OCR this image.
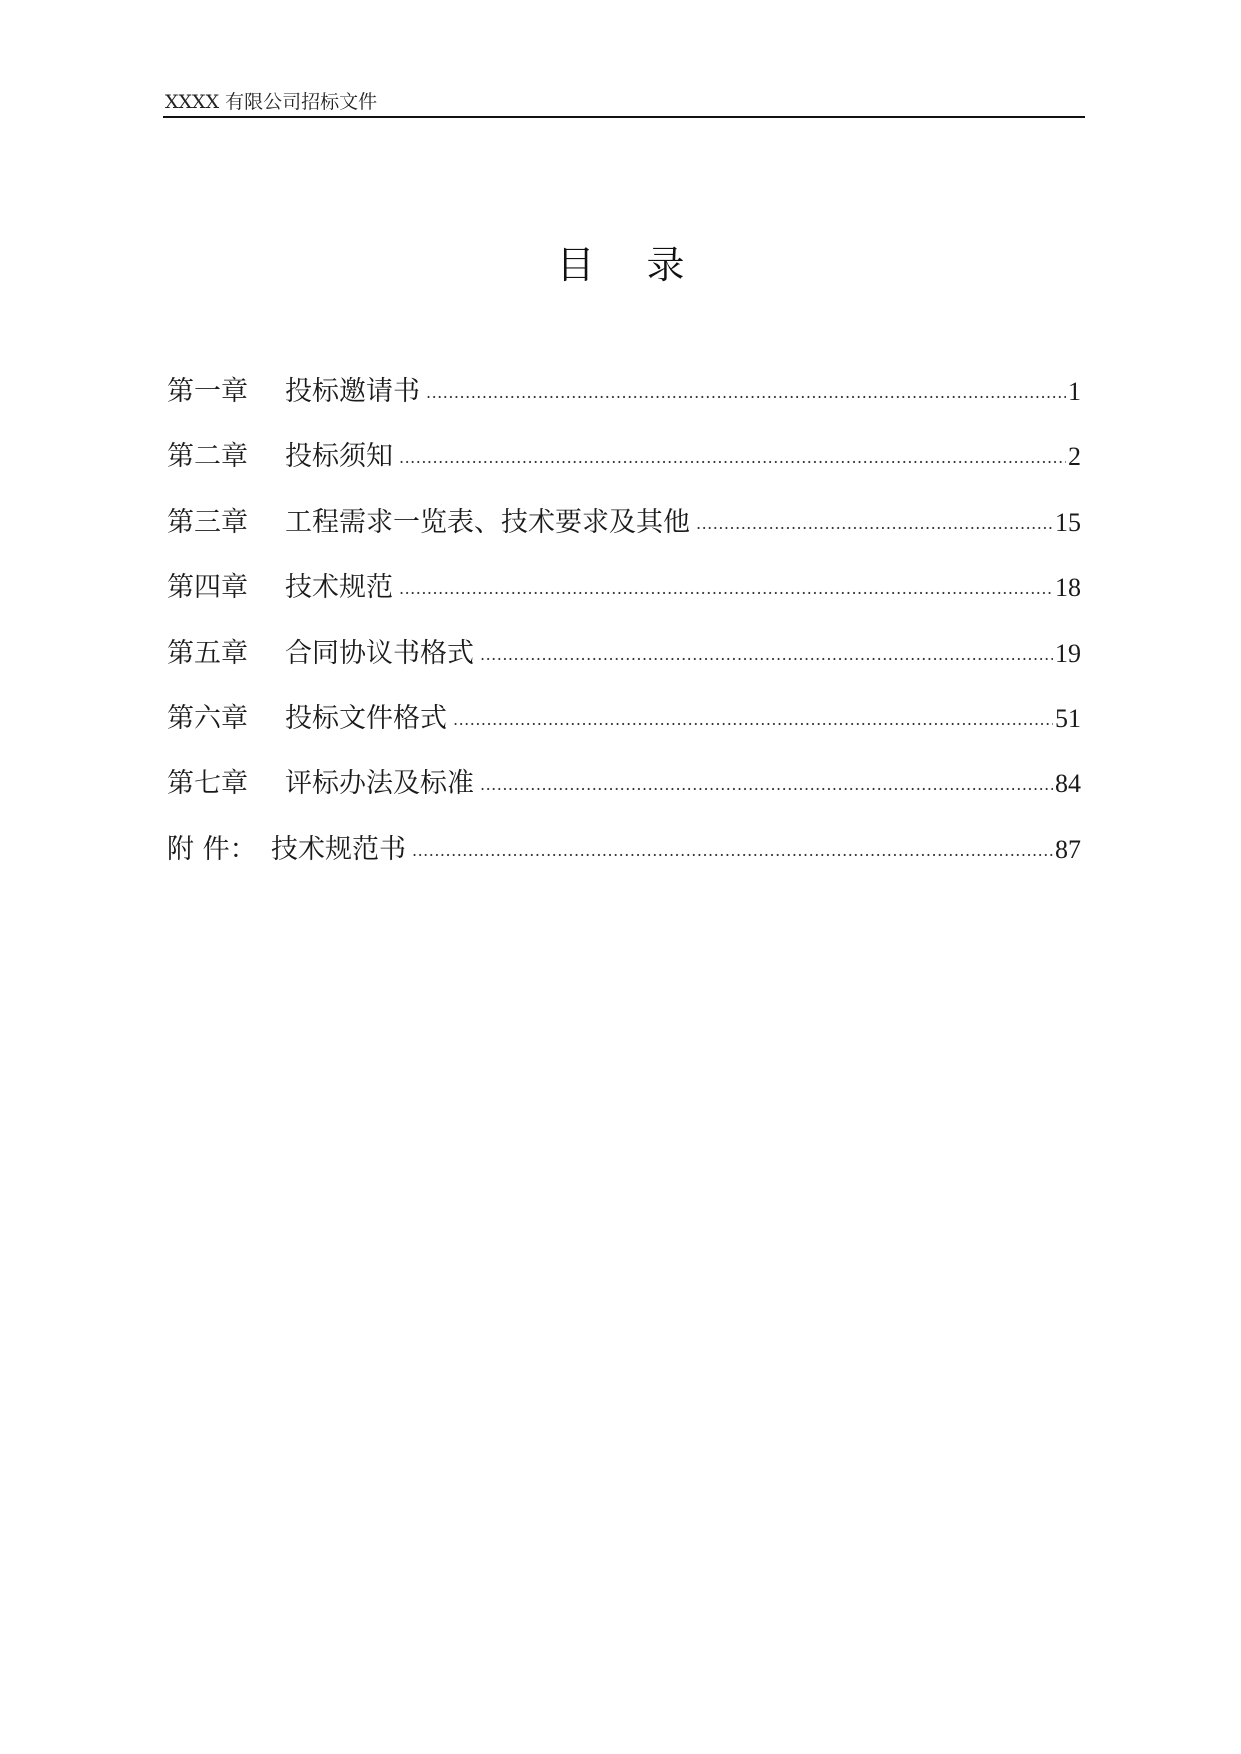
XXXX 有限公司招标文件
目 录
第一章	投标邀请书 .....	1
第二章	投标须知 .....	2
第三章	工程需求一览表、技术要求及其他 .....	15
第四章	技术规范 .....	18
第五章	合同协议书格式 .....	19
第六章	投标文件格式 .....	51
第七章	评标办法及标准 .....	84
附 件： 技术规范书 .....	87
